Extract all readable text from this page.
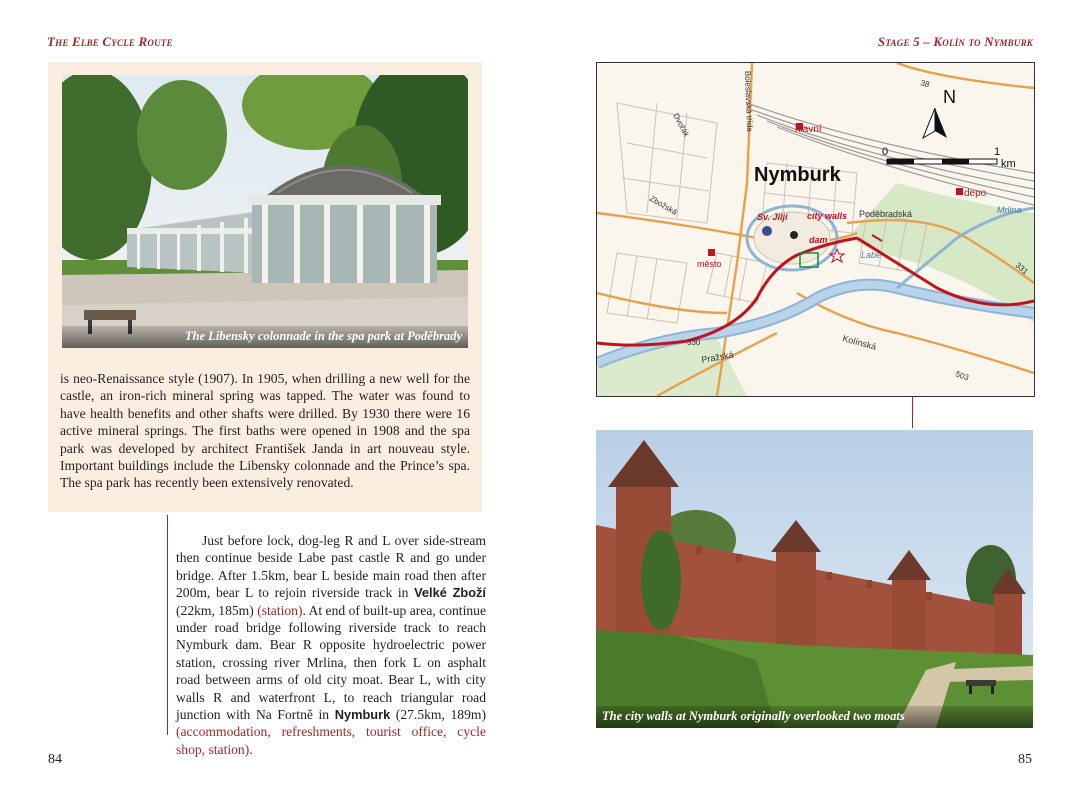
The Elbe Cycle Route	Stage 5 – Kolín to Nymburk
The Libensky colonnade in the spa park at Poděbrady
is neo-Renaissance style (1907). In 1905, when drilling a new well for the castle, an iron-rich mineral spring was tapped. The water was found to have health benefits and other shafts were drilled. By 1930 there were 16 active mineral springs. The first baths were opened in 1908 and the spa park was developed by architect František Janda in art nouveau style. Important buildings include the Libensky colonnade and the Prince’s spa. The spa park has recently been extensively renovated.

Just before lock, dog-leg R and L over side-stream then continue beside Labe past castle R and go under bridge. After 1.5km, bear L beside main road then after 200m, bear L to rejoin riverside track in Velké Zboží (22km, 185m) (station). At end of built-up area, continue under road bridge following riverside track to reach Nymburk dam. Bear R opposite hydroelectric power station, crossing river Mrlina, then fork L on asphalt road between arms of old city moat. Bear L, with city walls R and waterfront L, to reach triangular road junction with Na Fortně in Nymburk (27.5km, 189m) (accommodation, refreshments, tourist office, cycle shop, station).

84
N
0	1
km
Nymburk
Boleslavská třída
Dvořák	hlavní
depo
Zbožská	Poděbradská
Sv. Jiljí city walls
dam
město
Labe
Mrlina
Pražská
Kolínská
330
331
503
38
The city walls at Nymburk originally overlooked two moats
85
